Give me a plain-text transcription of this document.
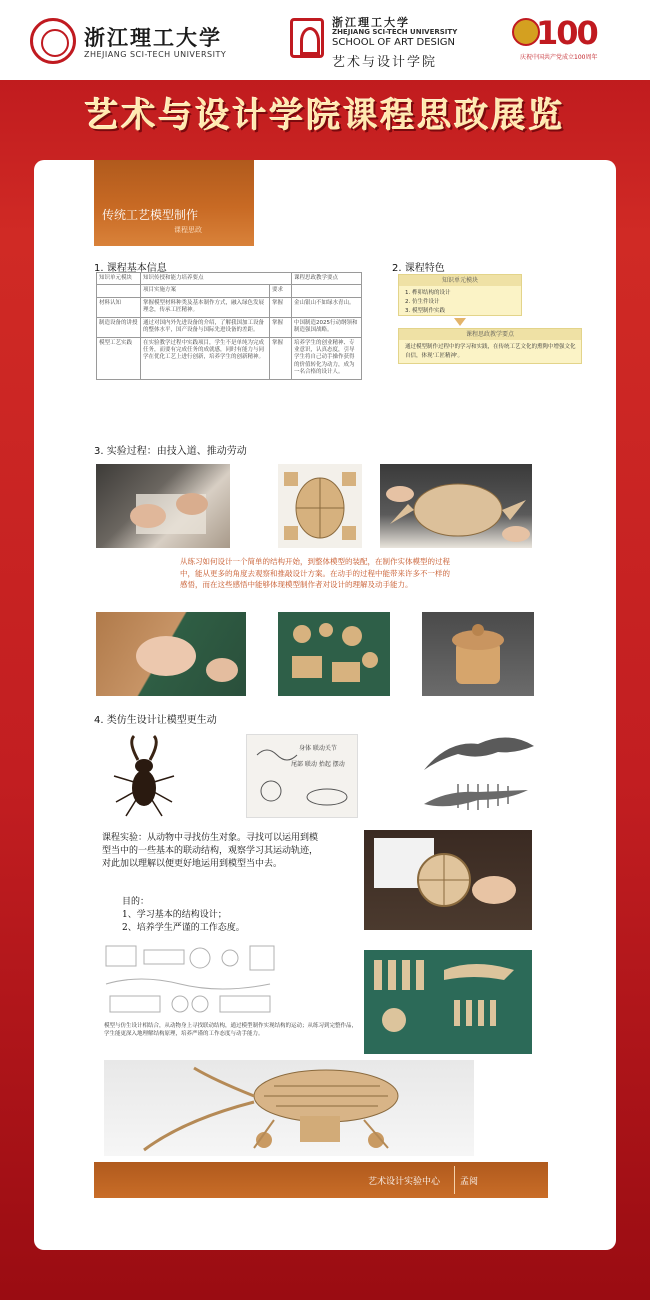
浙江理工大学
ZHEJIANG SCI-TECH UNIVERSITY
浙江理工大学
ZHEJIANG SCI-TECH UNIVERSITY
SCHOOL OF ART DESIGN
艺术与设计学院
100
庆祝中国共产党成立100周年
艺术与设计学院课程思政展览
传统工艺模型制作
课程思政
1. 课程基本信息
知识单元模块	知识传授和能力培养要点		课程思政教学要点
	项目实施方案	要求	
材料认知	掌握模型材料种类及基本制作方式，融入绿色发展理念，传承工匠精神。	掌握	金山银山不如绿水青山。
制造设备的讲授	通过对国内外先进设备的介绍，了解我国加工设备的整体水平，国产设备与国际先进设备的差距。	掌握	中国制造2025行动纲领和制造强国战略。
模型工艺实践	在实验教学过程中实践项目，学生不是单纯为完成任务，而要有完成任务的成就感，同时有能力与同学在优化工艺上进行创新，培养学生的创新精神。	掌握	培养学生的创业精神、专业意识，认真态度，引导学生将自己动手操作获得的价值转化为动力，成为一名合格的设计人。
2. 课程特色
知识单元模块
1. 榫卯结构的设计
2. 仿生件设计
3. 模型制作实践
课程思政教学要点
通过模型制作过程中的学习和实践，在传统工艺文化的熏陶中增强文化自信，体现'工匠精神'。
3. 实验过程：由技入道、推动劳动
从练习如何设计一个简单的结构开始，到整体模型的装配，在制作实体模型的过程中，能从更多的角度去观察和推敲设计方案。在动手的过程中能带来许多不一样的感悟，而在这些感悟中能够体现模型制作者对设计的理解及动手能力。
4. 类仿生设计让模型更生动
身体 联动关节
尾部 联动 抬起 摆动
课程实验：从动物中寻找仿生对象。寻找可以运用到模型当中的一些基本的联动结构，观察学习其运动轨迹，对此加以理解以便更好地运用到模型当中去。
目的：
1、学习基本的结构设计；
2、培养学生严谨的工作态度。
模型与仿生设计相结合，从动物身上寻找联动结构，通过模型制作实现结构的运动；从练习到完整作品，学生能更深入地理解结构原理，培养严谨的工作态度与动手能力。
艺术设计实验中心 孟阅
